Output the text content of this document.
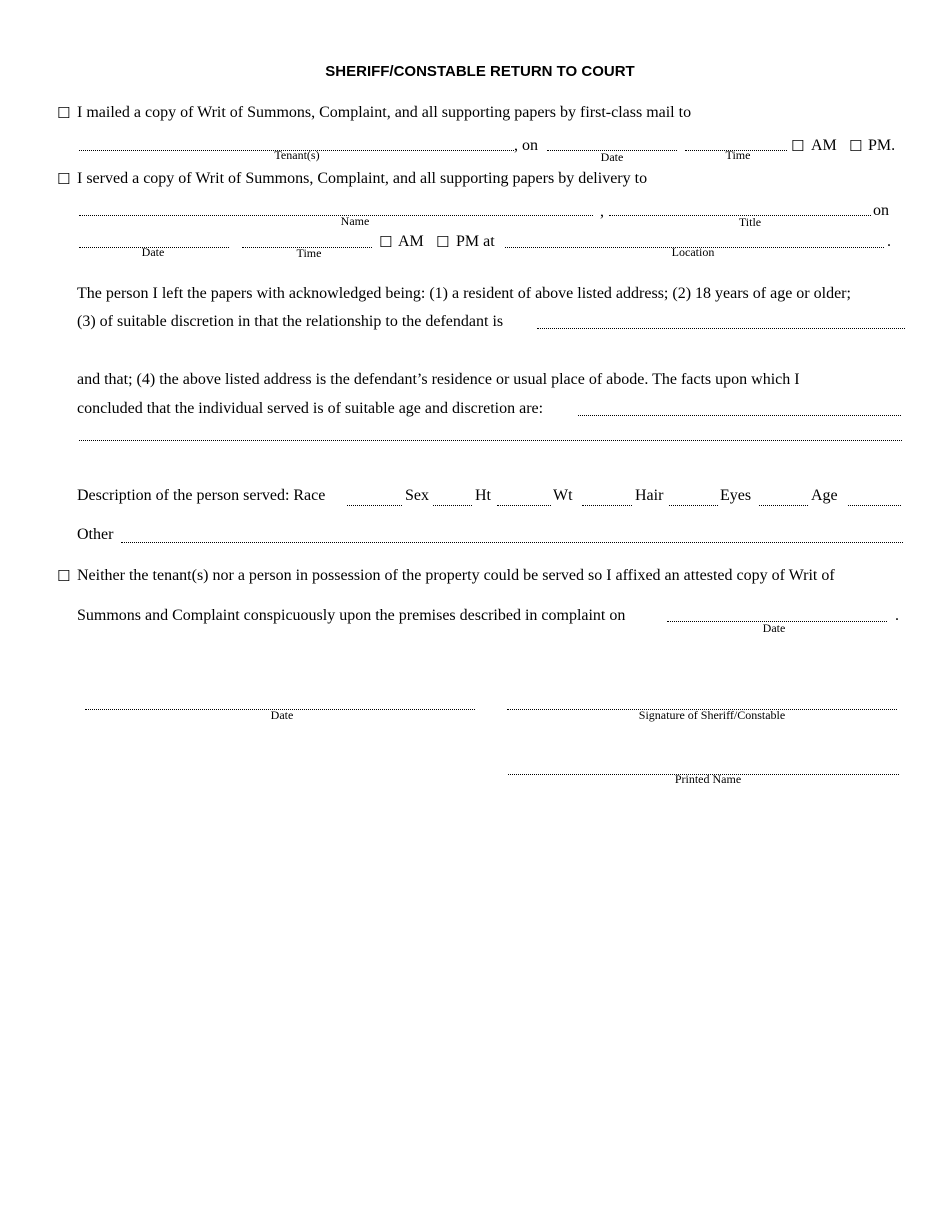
SHERIFF/CONSTABLE RETURN TO COURT
☐ I mailed a copy of Writ of Summons, Complaint, and all supporting papers by first-class mail to
, on	☐ AM ☐ PM.
Tenant(s)	Date	Time
☐ I served a copy of Writ of Summons, Complaint, and all supporting papers by delivery to
,	on
Name	Title
☐ AM ☐ PM at	.
Date	Time	Location
The person I left the papers with acknowledged being: (1) a resident of above listed address; (2) 18 years of age or older;
(3) of suitable discretion in that the relationship to the defendant is
and that; (4) the above listed address is the defendant’s residence or usual place of abode. The facts upon which I
concluded that the individual served is of suitable age and discretion are:
Description of the person served: Race	Sex	Ht	Wt	Hair	Eyes	Age
Other
☐ Neither the tenant(s) nor a person in possession of the property could be served so I affixed an attested copy of Writ of
Summons and Complaint conspicuously upon the premises described in complaint on	.
Date
Date	Signature of Sheriff/Constable
Printed Name
